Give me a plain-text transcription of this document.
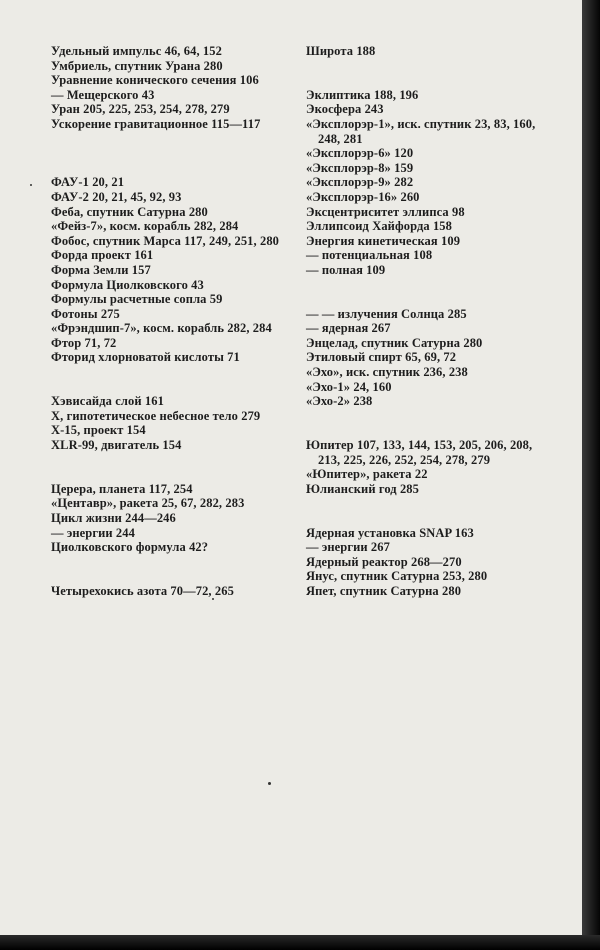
Удельный импульс 46, 64, 152
Умбриель, спутник Урана 280
Уравнение конического сечения 106
— Мещерского 43
Уран 205, 225, 253, 254, 278, 279
Ускорение гравитационное 115—117
ФАУ-1 20, 21
ФАУ-2 20, 21, 45, 92, 93
Феба, спутник Сатурна 280
«Фейз-7», косм. корабль 282, 284
Фобос, спутник Марса 117, 249, 251, 280
Форда проект 161
Форма Земли 157
Формула Циолковского 43
Формулы расчетные сопла 59
Фотоны 275
«Фрэндшип-7», косм. корабль 282, 284
Фтор 71, 72
Фторид хлорноватой кислоты 71
Хэвисайда слой 161
X, гипотетическое небесное тело 279
X-15, проект 154
XLR-99, двигатель 154
Церера, планета 117, 254
«Центавр», ракета 25, 67, 282, 283
Цикл жизни 244—246
— энергии 244
Циолковского формула 42?
Четырехокись азота 70—72, 265
Широта 188
Эклиптика 188, 196
Экосфера 243
«Эксплорэр-1», иск. спутник 23, 83, 160, 248, 281
«Эксплорэр-6» 120
«Эксплорэр-8» 159
«Эксплорэр-9» 282
«Эксплорэр-16» 260
Эксцентриситет эллипса 98
Эллипсоид Хайфорда 158
Энергия кинетическая 109
— потенциальная 108
— полная 109
— — излучения Солнца 285
— ядерная 267
Энцелад, спутник Сатурна 280
Этиловый спирт 65, 69, 72
«Эхо», иск. спутник 236, 238
«Эхо-1» 24, 160
«Эхо-2» 238
Юпитер 107, 133, 144, 153, 205, 206, 208, 213, 225, 226, 252, 254, 278, 279
«Юпитер», ракета 22
Юлианский год 285
Ядерная установка SNAP 163
— энергии 267
Ядерный реактор 268—270
Янус, спутник Сатурна 253, 280
Япет, спутник Сатурна 280
